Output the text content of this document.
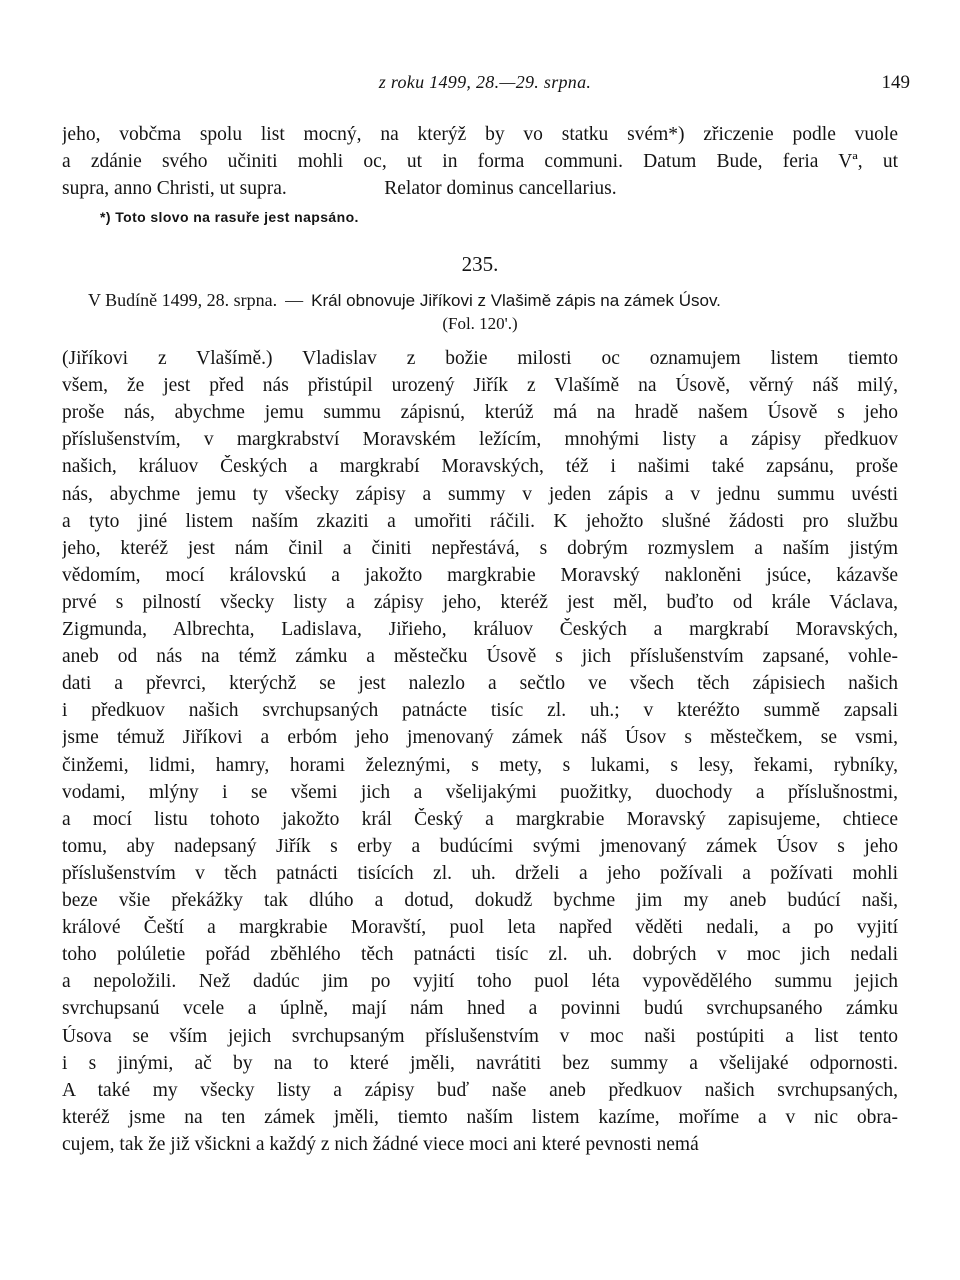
z roku 1499, 28.—29. srpna.	149
jeho, vobčma spolu list mocný, na kterýž by vo statku svém*) zřiczenie podle vuole
a zdánie svého učiniti mohli oc, ut in forma communi. Datum Bude, feria Vª, ut
supra, anno Christi, ut supra.                    Relator dominus cancellarius.
*) Toto slovo na rasuře jest napsáno.
235.
V Budíně 1499, 28. srpna. — Král obnovuje Jiříkovi z Vlašimě zápis na zámek Úsov.
(Fol. 120'.)
(Jiříkovi z Vlašímě.) Vladislav z božie milosti oc oznamujem listem tiemto
všem, že jest před nás přistúpil urozený Jiřík z Vlašímě na Úsově, věrný náš milý,
proše nás, abychme jemu summu zápisnú, kterúž má na hradě našem Úsově s jeho
příslušenstvím, v margkrabství Moravském ležícím, mnohými listy a zápisy předkuov
našich, králuov Českých a margkrabí Moravských, též i našimi také zapsánu, proše
nás, abychme jemu ty všecky zápisy a summy v jeden zápis a v jednu summu uvésti
a tyto jiné listem naším zkaziti a umořiti ráčili. K jehožto slušné žádosti pro službu
jeho, kteréž jest nám činil a činiti nepřestává, s dobrým rozmyslem a naším jistým
vědomím, mocí královskú a jakožto margkrabie Moravský nakloněni jsúce, kázavše
prvé s pilností všecky listy a zápisy jeho, kteréž jest měl, buďto od krále Václava,
Zigmunda, Albrechta, Ladislava, Jiřieho, králuov Českých a margkrabí Moravských,
aneb od nás na témž zámku a městečku Úsově s jich příslušenstvím zapsané, vohle-
dati a převrci, kterýchž se jest nalezlo a sečtlo ve všech těch zápisiech našich
i předkuov našich svrchupsaných patnácte tisíc zl. uh.; v kteréžto summě zapsali
jsme témuž Jiříkovi a erbóm jeho jmenovaný zámek náš Úsov s městečkem, se vsmi,
činžemi, lidmi, hamry, horami železnými, s mety, s lukami, s lesy, řekami, rybníky,
vodami, mlýny i se všemi jich a všelijakými puožitky, duochody a příslušnostmi,
a mocí listu tohoto jakožto král Český a margkrabie Moravský zapisujeme, chtiece
tomu, aby nadepsaný Jiřík s erby a budúcími svými jmenovaný zámek Úsov s jeho
příslušenstvím v těch patnácti tisících zl. uh. drželi a jeho požívali a požívati mohli
beze všie překážky tak dlúho a dotud, dokudž bychme jim my aneb budúcí naši,
králové Čeští a margkrabie Moravští, puol leta napřed věděti nedali, a po vyjití
toho polúletie pořád zběhlého těch patnácti tisíc zl. uh. dobrých v moc jich nedali
a nepoložili. Než dadúc jim po vyjití toho puol léta vypovědělého summu jejich
svrchupsanú vcele a úplně, mají nám hned a povinni budú svrchupsaného zámku
Úsova se vším jejich svrchupsaným příslušenstvím v moc naši postúpiti a list tento
i s jinými, ač by na to které jměli, navrátiti bez summy a všelijaké odpornosti.
A také my všecky listy a zápisy buď naše aneb předkuov našich svrchupsaných,
kteréž jsme na ten zámek jměli, tiemto naším listem kazíme, moříme a v nic obra-
cujem, tak že již všickni a každý z nich žádné viece moci ani které pevnosti nemá
